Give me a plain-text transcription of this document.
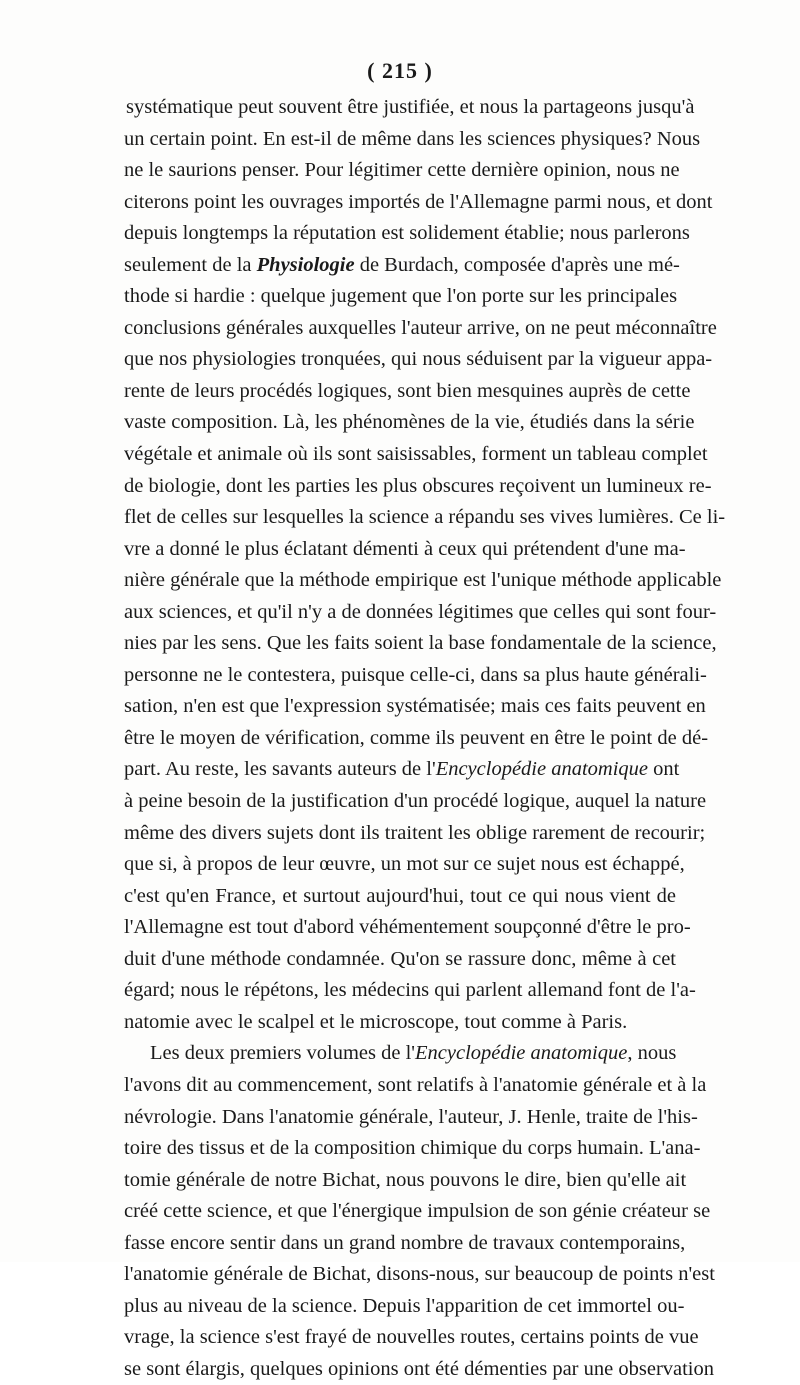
( 215 )
systématique peut souvent être justifiée, et nous la partageons jusqu'à
un certain point. En est-il de même dans les sciences physiques? Nous
ne le saurions penser. Pour légitimer cette dernière opinion, nous ne
citerons point les ouvrages importés de l'Allemagne parmi nous, et dont
depuis longtemps la réputation est solidement établie; nous parlerons
seulement de la Physiologie de Burdach, composée d'après une mé-
thode si hardie : quelque jugement que l'on porte sur les principales
conclusions générales auxquelles l'auteur arrive, on ne peut méconnaître
que nos physiologies tronquées, qui nous séduisent par la vigueur appa-
rente de leurs procédés logiques, sont bien mesquines auprès de cette
vaste composition. Là, les phénomènes de la vie, étudiés dans la série
végétale et animale où ils sont saisissables, forment un tableau complet
de biologie, dont les parties les plus obscures reçoivent un lumineux re-
flet de celles sur lesquelles la science a répandu ses vives lumières. Ce li-
vre a donné le plus éclatant démenti à ceux qui prétendent d'une ma-
nière générale que la méthode empirique est l'unique méthode applicable
aux sciences, et qu'il n'y a de données légitimes que celles qui sont four-
nies par les sens. Que les faits soient la base fondamentale de la science,
personne ne le contestera, puisque celle-ci, dans sa plus haute générali-
sation, n'en est que l'expression systématisée; mais ces faits peuvent en
être le moyen de vérification, comme ils peuvent en être le point de dé-
part. Au reste, les savants auteurs de l'Encyclopédie anatomique ont
à peine besoin de la justification d'un procédé logique, auquel la nature
même des divers sujets dont ils traitent les oblige rarement de recourir;
que si, à propos de leur œuvre, un mot sur ce sujet nous est échappé,
c'est qu'en France, et surtout aujourd'hui, tout ce qui nous vient de
l'Allemagne est tout d'abord véhémentement soupçonné d'être le pro-
duit d'une méthode condamnée. Qu'on se rassure donc, même à cet
égard; nous le répétons, les médecins qui parlent allemand font de l'a-
natomie avec le scalpel et le microscope, tout comme à Paris.
Les deux premiers volumes de l'Encyclopédie anatomique, nous
l'avons dit au commencement, sont relatifs à l'anatomie générale et à la
névrologie. Dans l'anatomie générale, l'auteur, J. Henle, traite de l'his-
toire des tissus et de la composition chimique du corps humain. L'ana-
tomie générale de notre Bichat, nous pouvons le dire, bien qu'elle ait
créé cette science, et que l'énergique impulsion de son génie créateur se
fasse encore sentir dans un grand nombre de travaux contemporains,
l'anatomie générale de Bichat, disons-nous, sur beaucoup de points n'est
plus au niveau de la science. Depuis l'apparition de cet immortel ou-
vrage, la science s'est frayé de nouvelles routes, certains points de vue
se sont élargis, quelques opinions ont été démenties par une observation
